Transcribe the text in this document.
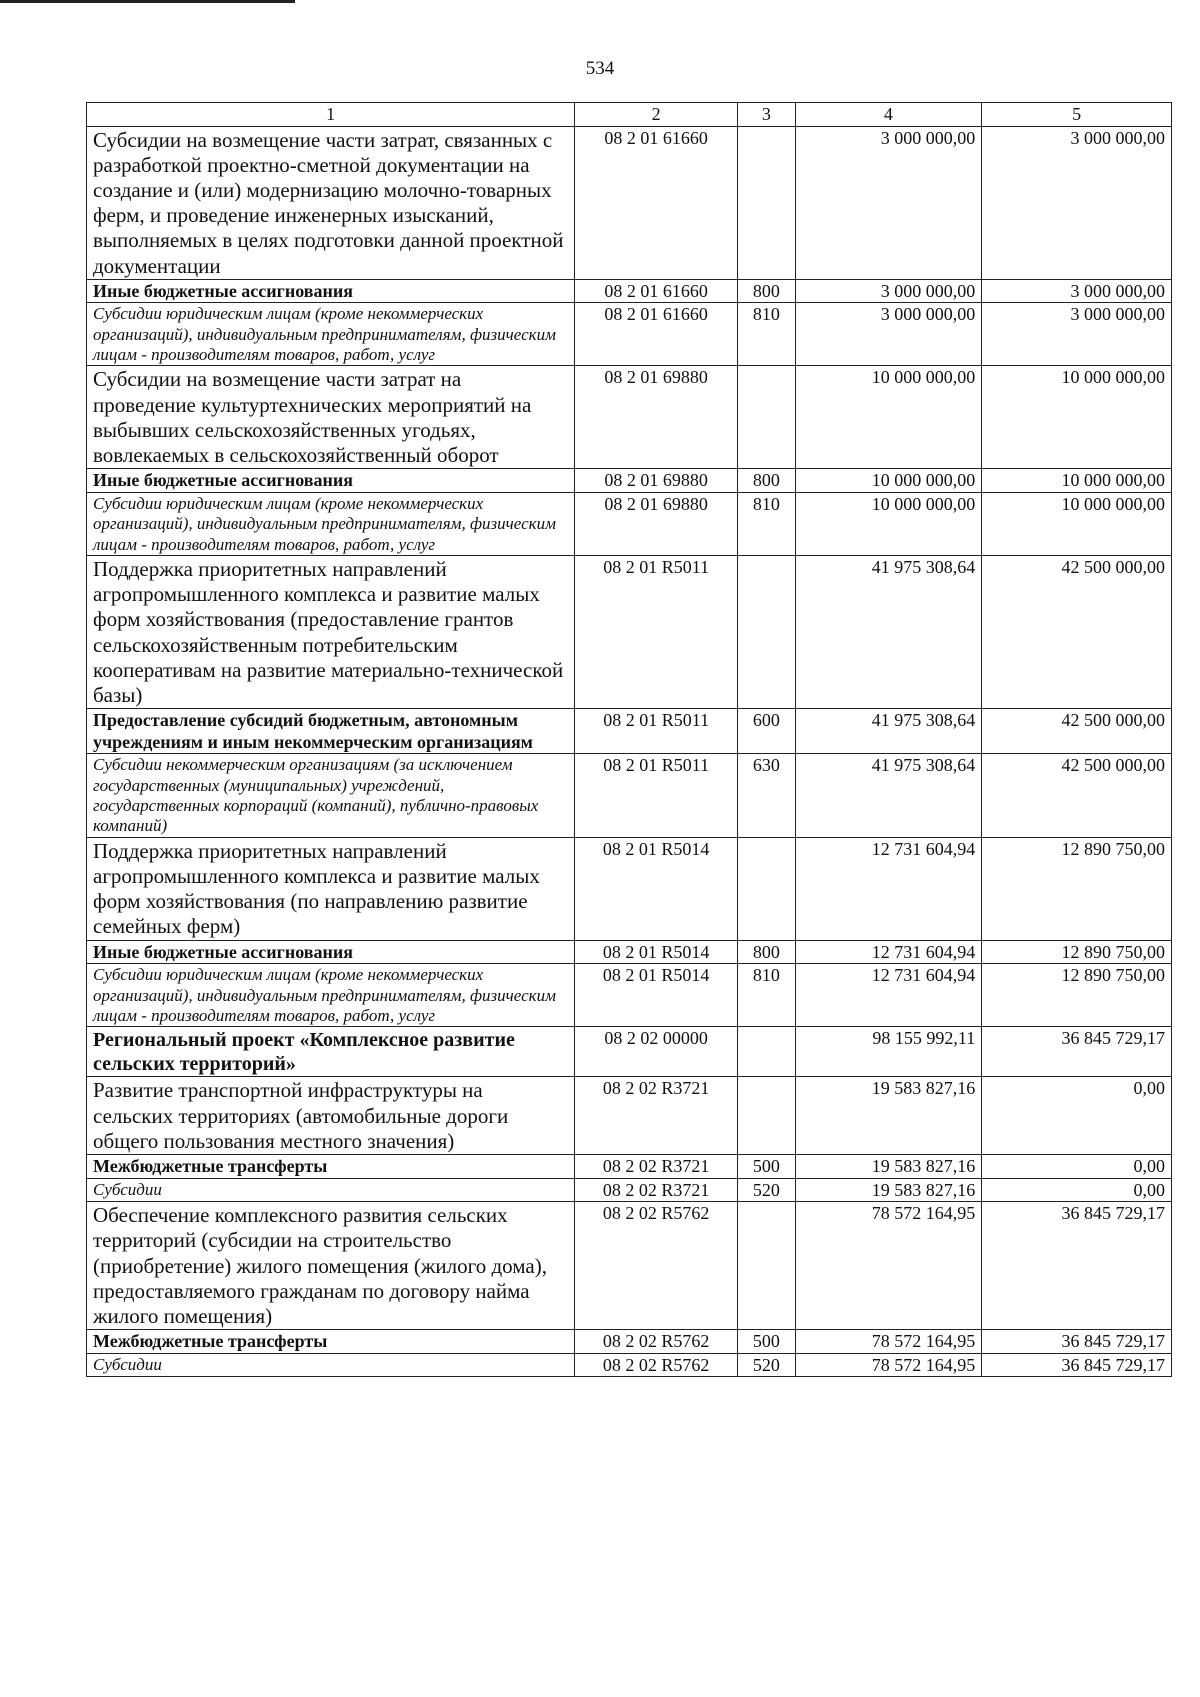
534
1	2	3	4	5
Субсидии на возмещение части затрат, связанных с разработкой проектно-сметной документации на создание и (или) модернизацию молочно-товарных ферм, и проведение инженерных изысканий, выполняемых в целях подготовки данной проектной документации	08 2 01 61660		3 000 000,00	3 000 000,00
Иные бюджетные ассигнования	08 2 01 61660	800	3 000 000,00	3 000 000,00
Субсидии юридическим лицам (кроме некоммерческих организаций), индивидуальным предпринимателям, физическим лицам - производителям товаров, работ, услуг	08 2 01 61660	810	3 000 000,00	3 000 000,00
Субсидии на возмещение части затрат на проведение культуртехнических мероприятий на выбывших сельскохозяйственных угодьях, вовлекаемых в сельскохозяйственный оборот	08 2 01 69880		10 000 000,00	10 000 000,00
Иные бюджетные ассигнования	08 2 01 69880	800	10 000 000,00	10 000 000,00
Субсидии юридическим лицам (кроме некоммерческих организаций), индивидуальным предпринимателям, физическим лицам - производителям товаров, работ, услуг	08 2 01 69880	810	10 000 000,00	10 000 000,00
Поддержка приоритетных направлений агропромышленного комплекса и развитие малых форм хозяйствования (предоставление грантов сельскохозяйственным потребительским кооперативам на развитие материально-технической базы)	08 2 01 R5011		41 975 308,64	42 500 000,00
Предоставление субсидий бюджетным, автономным учреждениям и иным некоммерческим организациям	08 2 01 R5011	600	41 975 308,64	42 500 000,00
Субсидии некоммерческим организациям (за исключением государственных (муниципальных) учреждений, государственных корпораций (компаний), публично-правовых компаний)	08 2 01 R5011	630	41 975 308,64	42 500 000,00
Поддержка приоритетных направлений агропромышленного комплекса и развитие малых форм хозяйствования (по направлению развитие семейных ферм)	08 2 01 R5014		12 731 604,94	12 890 750,00
Иные бюджетные ассигнования	08 2 01 R5014	800	12 731 604,94	12 890 750,00
Субсидии юридическим лицам (кроме некоммерческих организаций), индивидуальным предпринимателям, физическим лицам - производителям товаров, работ, услуг	08 2 01 R5014	810	12 731 604,94	12 890 750,00
Региональный проект «Комплексное развитие сельских территорий»	08 2 02 00000		98 155 992,11	36 845 729,17
Развитие транспортной инфраструктуры на сельских территориях (автомобильные дороги общего пользования местного значения)	08 2 02 R3721		19 583 827,16	0,00
Межбюджетные трансферты	08 2 02 R3721	500	19 583 827,16	0,00
Субсидии	08 2 02 R3721	520	19 583 827,16	0,00
Обеспечение комплексного развития сельских территорий (субсидии на строительство (приобретение) жилого помещения (жилого дома), предоставляемого гражданам по договору найма жилого помещения)	08 2 02 R5762		78 572 164,95	36 845 729,17
Межбюджетные трансферты	08 2 02 R5762	500	78 572 164,95	36 845 729,17
Субсидии	08 2 02 R5762	520	78 572 164,95	36 845 729,17
